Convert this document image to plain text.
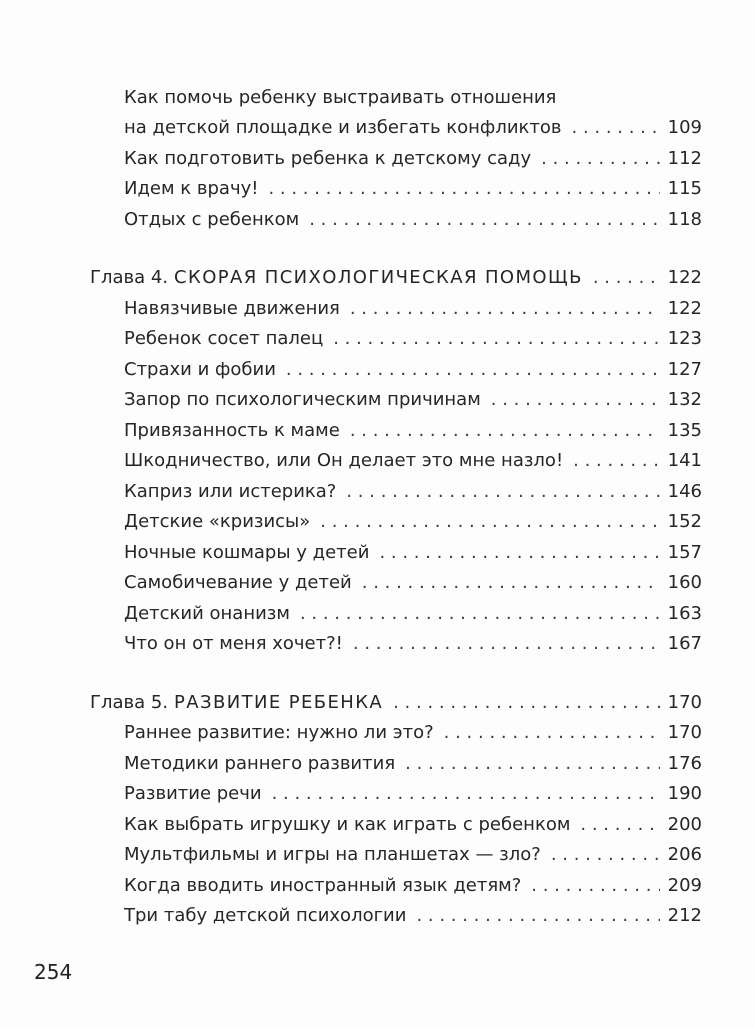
Как помочь ребенку выстраивать отношения
на детской площадке и избегать конфликтов . . .	109
Как подготовить ребенка к детскому саду . . .	112
Идем к врачу! . . .	115
Отдых с ребенком . . .	118
Глава 4. СКОРАЯ ПСИХОЛОГИЧЕСКАЯ ПОМОЩЬ . . .	122
Навязчивые движения . . .	122
Ребенок сосет палец . . .	123
Страхи и фобии . . .	127
Запор по психологическим причинам . . .	132
Привязанность к маме . . .	135
Шкодничество, или Он делает это мне назло! . . .	141
Каприз или истерика? . . .	146
Детские «кризисы» . . .	152
Ночные кошмары у детей . . .	157
Самобичевание у детей . . .	160
Детский онанизм . . .	163
Что он от меня хочет?! . . .	167
Глава 5. РАЗВИТИЕ РЕБЕНКА . . .	170
Раннее развитие: нужно ли это? . . .	170
Методики раннего развития . . .	176
Развитие речи . . .	190
Как выбрать игрушку и как играть с ребенком . . .	200
Мультфильмы и игры на планшетах — зло? . . .	206
Когда вводить иностранный язык детям? . . .	209
Три табу детской психологии . . .	212
254
